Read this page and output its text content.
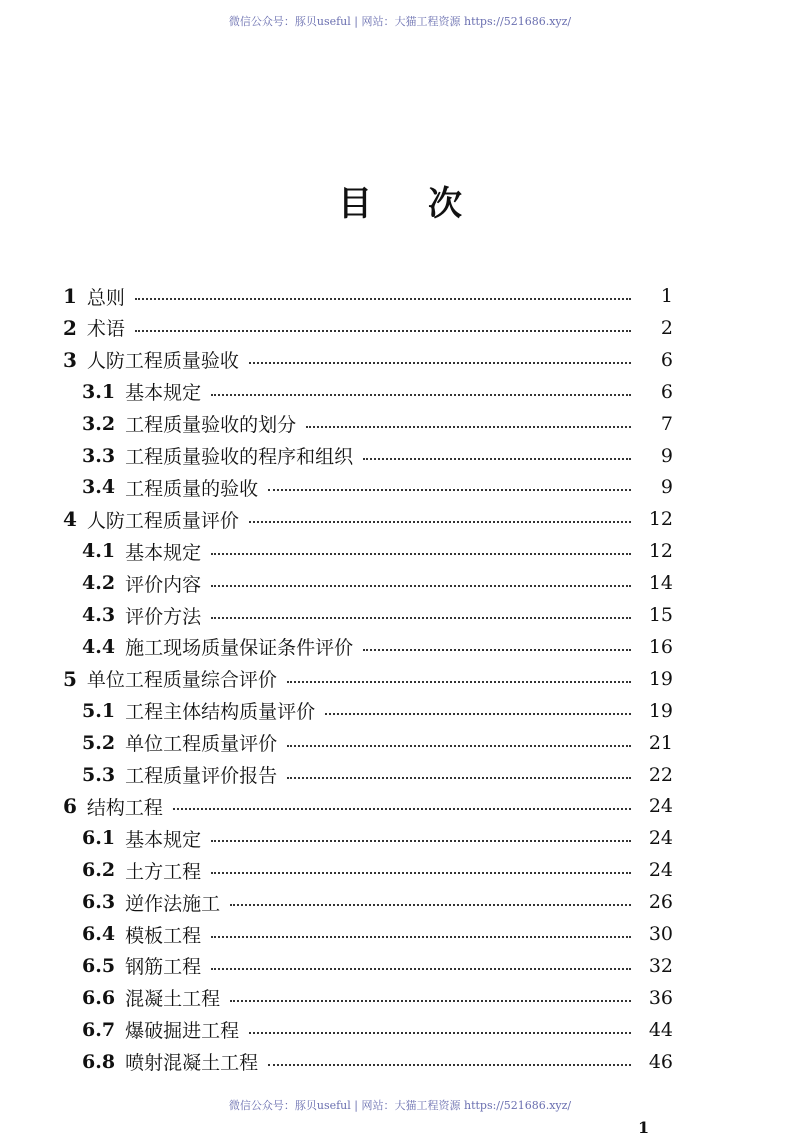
微信公众号：豚贝useful | 网站：大猫工程资源 https://521686.xyz/
目 次
1 总则	1
2 术语	2
3 人防工程质量验收	6
3.1 基本规定	6
3.2 工程质量验收的划分	7
3.3 工程质量验收的程序和组织	9
3.4 工程质量的验收	9
4 人防工程质量评价	12
4.1 基本规定	12
4.2 评价内容	14
4.3 评价方法	15
4.4 施工现场质量保证条件评价	16
5 单位工程质量综合评价	19
5.1 工程主体结构质量评价	19
5.2 单位工程质量评价	21
5.3 工程质量评价报告	22
6 结构工程	24
6.1 基本规定	24
6.2 土方工程	24
6.3 逆作法施工	26
6.4 模板工程	30
6.5 钢筋工程	32
6.6 混凝土工程	36
6.7 爆破掘进工程	44
6.8 喷射混凝土工程	46
微信公众号：豚贝useful | 网站：大猫工程资源 https://521686.xyz/
1
